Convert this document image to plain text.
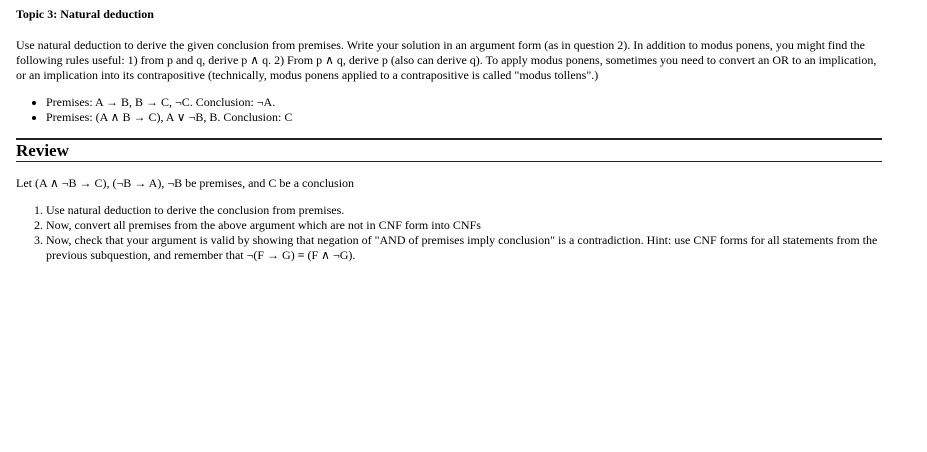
Topic 3: Natural deduction

Use natural deduction to derive the given conclusion from premises. Write your solution in an argument form (as in question 2). In addition to modus ponens, you might find the following rules useful: 1) from p and q, derive p ∧ q. 2) From p ∧ q, derive p (also can derive q). To apply modus ponens, sometimes you need to convert an OR to an implication, or an implication into its contrapositive (technically, modus ponens applied to a contrapositive is called "modus tollens".)

• Premises: A → B, B → C, ¬C. Conclusion: ¬A.
• Premises: (A ∧ B → C), A ∨ ¬B, B. Conclusion: C
Review

Let (A ∧ ¬B → C), (¬B → A), ¬B be premises, and C be a conclusion

1. Use natural deduction to derive the conclusion from premises.
2. Now, convert all premises from the above argument which are not in CNF form into CNFs
3. Now, check that your argument is valid by showing that negation of "AND of premises imply conclusion" is a contradiction. Hint: use CNF forms for all statements from the previous subquestion, and remember that ¬(F → G) ≡ (F ∧ ¬G).
